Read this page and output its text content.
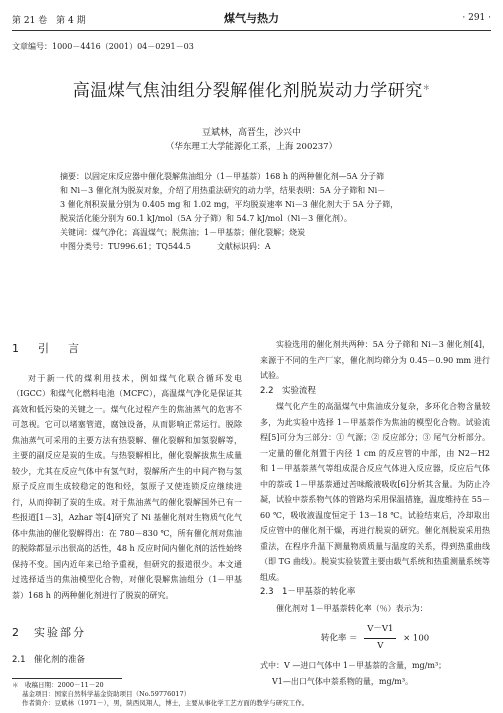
第 21 卷　第 4 期	煤气与热力	· 291 ·
文章编号：1000－4416（2001）04－0291－03
高温煤气焦油组分裂解催化剂脱炭动力学研究＊
豆斌林，高晋生，沙兴中
（华东理工大学能源化工系，上海 200237）

摘要：以固定床反应器中催化裂解焦油组分（1－甲基萘）168 h 的两种催化剂—5A 分子筛

和 Ni－3 催化剂为脱炭对象，介绍了用热重法研究的动力学，结果表明：5A 分子筛和 Ni－

3 催化剂积炭量分别为 0.405 mg 和 1.02 mg，平均脱炭速率 Ni－3 催化剂大于 5A 分子筛，

脱炭活化能分别为 60.1 kJ/mol（5A 分子筛）和 54.7 kJ/mol（Ni－3 催化剂）。

关键词：煤气净化；高温煤气；脱焦油；1－甲基萘；催化裂解；烧炭

中图分类号：TU996.61；TQ544.5	文献标识码：A

1　引　言

对于新一代的煤利用技术，例如煤气化联合循环发电（IGCC）和煤气化燃料电池（MCFC），高温煤气净化是保证其高效和低污染的关键之一。煤气化过程产生的焦油蒸气的危害不可忽视。它可以堵塞管道，腐蚀设备，从而影响正常运行。脱除焦油蒸气可采用的主要方法有热裂解、催化裂解和加氢裂解等，主要的副反应是炭的生成。与热裂解相比，催化裂解拔焦生成量较少，尤其在反应气体中有氢气时，裂解所产生的中间产物与氢原子反应而生成较稳定的饱和烃，氢原子又使连锁反应继续进行，从而抑制了炭的生成。对于焦油蒸气的催化裂解国外已有一些报道[1－3]，Azhar 等[4]研究了 Ni 基催化剂对生物质气化气体中焦油的催化裂解得出：在 780－830 ℃，所有催化剂对焦油的脱除都显示出很高的活性，48 h 反应时间内催化剂的活性始终保持不变。国内近年来已给予重视，但研究的报道很少。本文通过选择适当的焦油模型化合物，对催化裂解焦油组分（1－甲基萘）168 h 的两种催化剂进行了脱炭的研究。

2　实验部分

2.1　催化剂的准备

实验选用的催化剂共两种：5A 分子筛和 Ni－3 催化剂[4]，来源于不同的生产厂家，催化剂均筛分为 0.45－0.90 mm 进行试验。

2.2　实验流程

煤气化产生的高温煤气中焦油成分复杂，多环化合物含量较多，为此实验中选择 1－甲基萘作为焦油的模型化合物。试验流程[5]可分为三部分：① 气源；② 反应部分；③ 尾气分析部分。一定量的催化剂置于内径 1 cm 的反应管的中部，由 N2－H2 和 1－甲基萘蒸气等组成混合反应气体进入反应器，反应后气体中的萘或 1－甲基萘通过苦味酸液吸收[6]分析其含量。为防止冷凝，试验中萘系物气体的管路均采用保温措施，温度维持在 55－60 ℃，吸收液温度恒定于 13－18 ℃。试验结束后，冷却取出反应管中的催化剂干燥，再进行脱炭的研究。催化剂脱炭采用热重法，在程序升温下测量物质质量与温度的关系，得到热重曲线（即 TG 曲线）。脱炭实验装置主要由载气系统和热重测量系统等组成。

2.3　1－甲基萘的转化率

催化剂对 1－甲基萘转化率（％）表示为：

转化率 ＝ $\frac{V-V1}{V} \times 100$

式中：V —进口气体中 1－甲基萘的含量，mg/m³；

V1—出口气体中萘系物的量，mg/m³。

＊　收稿日期：2000－11－20

基金项目：国家自然科学基金资助项目（No.59776017）

作者简介：豆斌林（1971－），男，陕西凤翔人，博士，主要从事化学工艺方面的教学与研究工作。
